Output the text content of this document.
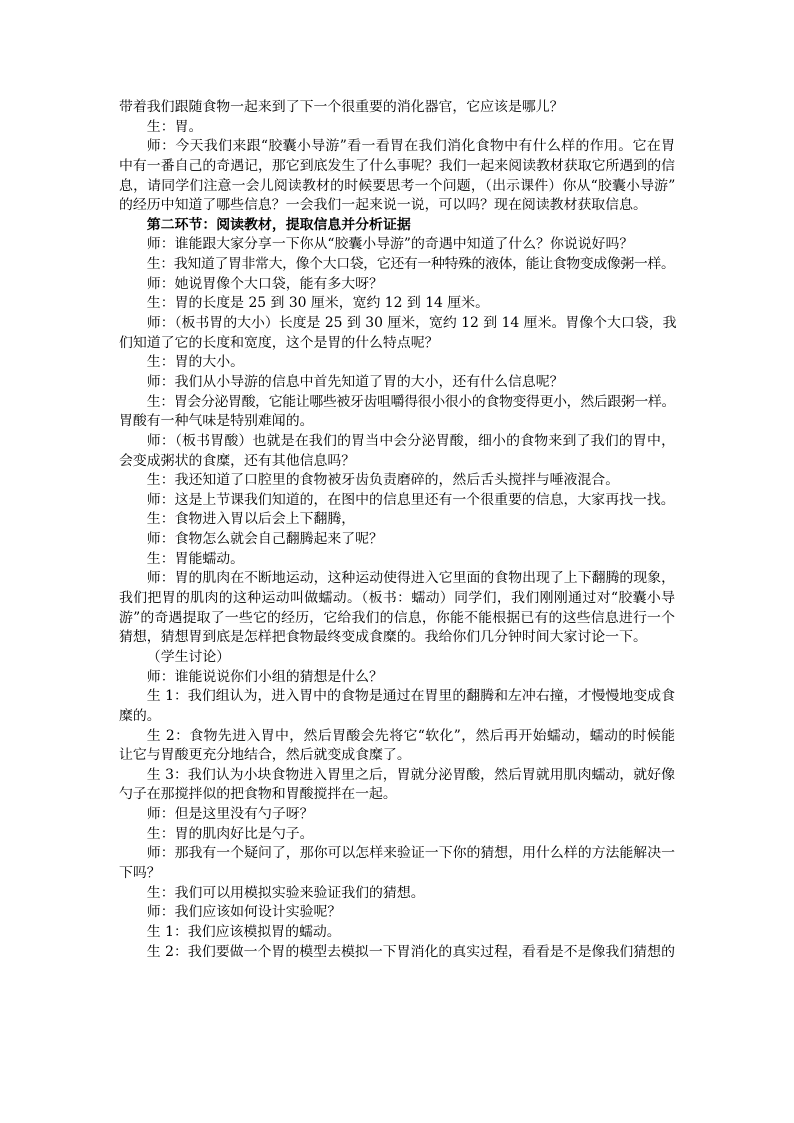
带着我们跟随食物一起来到了下一个很重要的消化器官，它应该是哪儿？
生：胃。
师：今天我们来跟“胶囊小导游”看一看胃在我们消化食物中有什么样的作用。它在胃
中有一番自己的奇遇记，那它到底发生了什么事呢？我们一起来阅读教材获取它所遇到的信
息，请同学们注意一会儿阅读教材的时候要思考一个问题，（出示课件）你从“胶囊小导游”
的经历中知道了哪些信息？一会我们一起来说一说，可以吗？现在阅读教材获取信息。
第二环节：阅读教材，提取信息并分析证据
师：谁能跟大家分享一下你从“胶囊小导游”的奇遇中知道了什么？你说说好吗？
生：我知道了胃非常大，像个大口袋，它还有一种特殊的液体，能让食物变成像粥一样。
师：她说胃像个大口袋，能有多大呀？
生：胃的长度是 25 到 30 厘米，宽约 12 到 14 厘米。
师：（板书胃的大小）长度是 25 到 30 厘米，宽约 12 到 14 厘米。胃像个大口袋，我
们知道了它的长度和宽度，这个是胃的什么特点呢？
生：胃的大小。
师：我们从小导游的信息中首先知道了胃的大小，还有什么信息呢？
生：胃会分泌胃酸，它能让哪些被牙齿咀嚼得很小很小的食物变得更小，然后跟粥一样。
胃酸有一种气味是特别难闻的。
师：（板书胃酸）也就是在我们的胃当中会分泌胃酸，细小的食物来到了我们的胃中，
会变成粥状的食糜，还有其他信息吗？
生：我还知道了口腔里的食物被牙齿负责磨碎的，然后舌头搅拌与唾液混合。
师：这是上节课我们知道的，在图中的信息里还有一个很重要的信息，大家再找一找。
生：食物进入胃以后会上下翻腾，
师：食物怎么就会自己翻腾起来了呢？
生：胃能蠕动。
师：胃的肌肉在不断地运动，这种运动使得进入它里面的食物出现了上下翻腾的现象，
我们把胃的肌肉的这种运动叫做蠕动。（板书：蠕动）同学们，我们刚刚通过对“胶囊小导
游”的奇遇提取了一些它的经历，它给我们的信息，你能不能根据已有的这些信息进行一个
猜想，猜想胃到底是怎样把食物最终变成食糜的。我给你们几分钟时间大家讨论一下。
（学生讨论）
师：谁能说说你们小组的猜想是什么？
生 1：我们组认为，进入胃中的食物是通过在胃里的翻腾和左冲右撞，才慢慢地变成食
糜的。
生 2：食物先进入胃中，然后胃酸会先将它“软化”，然后再开始蠕动，蠕动的时候能
让它与胃酸更充分地结合，然后就变成食糜了。
生 3：我们认为小块食物进入胃里之后，胃就分泌胃酸，然后胃就用肌肉蠕动，就好像
勺子在那搅拌似的把食物和胃酸搅拌在一起。
师：但是这里没有勺子呀？
生：胃的肌肉好比是勺子。
师：那我有一个疑问了，那你可以怎样来验证一下你的猜想，用什么样的方法能解决一
下吗？
生：我们可以用模拟实验来验证我们的猜想。
师：我们应该如何设计实验呢？
生 1：我们应该模拟胃的蠕动。
生 2：我们要做一个胃的模型去模拟一下胃消化的真实过程，看看是不是像我们猜想的
